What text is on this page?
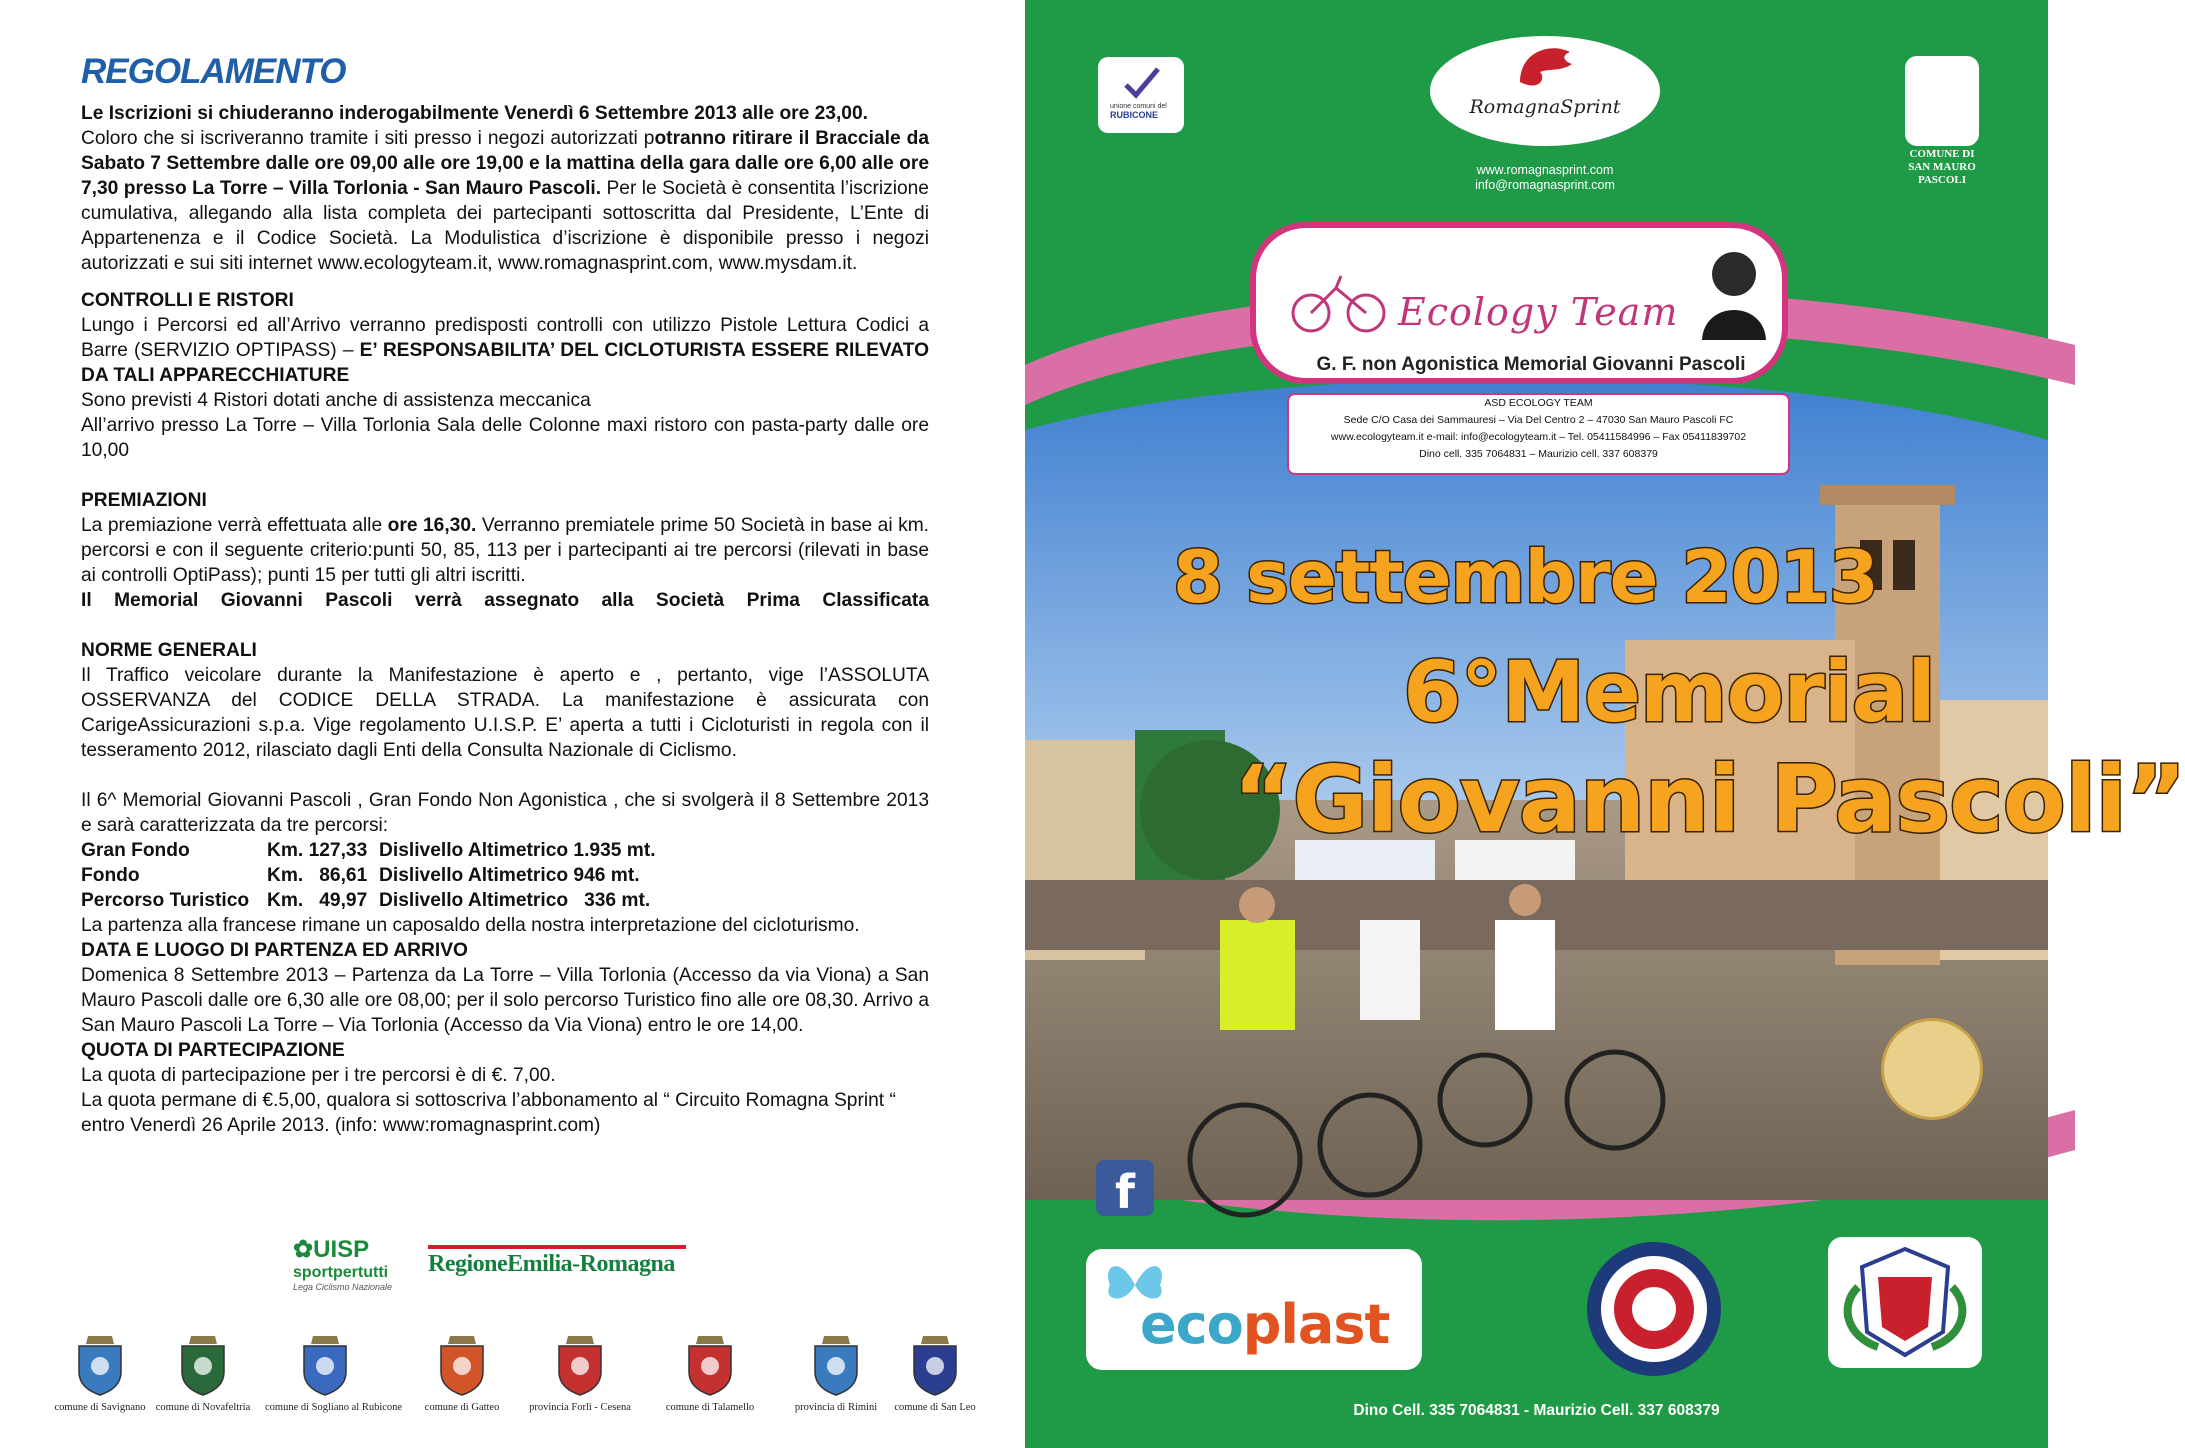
REGOLAMENTO

Le Iscrizioni si chiuderanno inderogabilmente Venerdì 6 Settembre 2013 alle ore 23,00.

Coloro che si iscriveranno tramite i siti presso i negozi autorizzati potranno ritirare il Bracciale da Sabato 7 Settembre dalle ore 09,00 alle ore 19,00 e la mattina della gara dalle ore 6,00 alle ore 7,30 presso La Torre – Villa Torlonia - San Mauro Pascoli. Per le Società è consentita l’iscrizione cumulativa, allegando alla lista completa dei partecipanti sottoscritta dal Presidente, L’Ente di Appartenenza e il Codice Società. La Modulistica d’iscrizione è disponibile presso i negozi autorizzati e sui siti internet www.ecologyteam.it, www.romagnasprint.com, www.mysdam.it.

CONTROLLI E RISTORI

Lungo i Percorsi ed all’Arrivo verranno predisposti controlli con utilizzo Pistole Lettura Codici a Barre (SERVIZIO OPTIPASS) – E’ RESPONSABILITA’ DEL CICLOTURISTA ESSERE RILEVATO DA TALI APPARECCHIATURE

Sono previsti 4 Ristori dotati anche di assistenza meccanica

All’arrivo presso La Torre – Villa Torlonia Sala delle Colonne maxi ristoro con pasta-party dalle ore 10,00

PREMIAZIONI

La premiazione verrà effettuata alle ore 16,30. Verranno premiatele prime 50 Società in base ai km. percorsi e con il seguente criterio:punti 50, 85, 113 per i partecipanti ai tre percorsi (rilevati in base ai controlli OptiPass); punti 15 per tutti gli altri iscritti.

Il Memorial Giovanni Pascoli verrà assegnato alla Società Prima Classificata

NORME GENERALI

Il Traffico veicolare durante la Manifestazione è aperto e , pertanto, vige l’ASSOLUTA OSSERVANZA del CODICE DELLA STRADA. La manifestazione è assicurata con CarigeAssicurazioni s.p.a. Vige regolamento U.I.S.P. E’ aperta a tutti i Cicloturisti in regola con il tesseramento 2012, rilasciato dagli Enti della Consulta Nazionale di Ciclismo.

Il 6^ Memorial Giovanni Pascoli , Gran Fondo Non Agonistica , che si svolgerà il 8 Settembre 2013 e sarà caratterizzata da tre percorsi:

Gran Fondo	Km. 127,33 Dislivello Altimetrico 1.935 mt.
Fondo	Km.   86,61 Dislivello Altimetrico 946 mt.
Percorso Turistico Km.   49,97 Dislivello Altimetrico   336 mt.

La partenza alla francese rimane un caposaldo della nostra interpretazione del cicloturismo.

DATA E LUOGO DI PARTENZA ED ARRIVO

Domenica 8 Settembre 2013 – Partenza da La Torre – Villa Torlonia (Accesso da via Viona) a San Mauro Pascoli dalle ore 6,30 alle ore 08,00; per il solo percorso Turistico fino alle ore 08,30. Arrivo a San Mauro Pascoli La Torre – Via Torlonia (Accesso da Via Viona) entro le ore 14,00.

QUOTA DI PARTECIPAZIONE

La quota di partecipazione per i tre percorsi è di €. 7,00.

La quota permane di €.5,00, qualora si sottoscriva l’abbonamento al “ Circuito Romagna Sprint “ entro Venerdì 26 Aprile 2013. (info: www:romagnasprint.com)

✿UISP
sportpertutti
Lega Ciclismo Nazionale
RegioneEmilia-Romagna
comune di Savignano comune di Novafeltria	comune di Sogliano al Rubicone	comune di Gatteo	provincia Forlì - Cesena	comune di Talamello	provincia di Rimini	comune di San Leo
unione comuni del
RUBICONE	RomagnaSprint
www.romagnasprint.com
info@romagnasprint.com
COMUNE DI
SAN MAURO
PASCOLI
Ecology Team
G. F. non Agonistica Memorial Giovanni Pascoli
ASD ECOLOGY TEAM
Sede C/O Casa dei Sammauresi – Via Del Centro 2 – 47030 San Mauro Pascoli FC
www.ecologyteam.it e-mail: info@ecologyteam.it – Tel. 05411584996 – Fax 05411839702
Dino cell. 335 7064831 – Maurizio cell. 337 608379
8 settembre 2013
6°Memorial
“Giovanni Pascoli”
f
ecoplast
Dino Cell. 335 7064831 - Maurizio Cell. 337 608379
